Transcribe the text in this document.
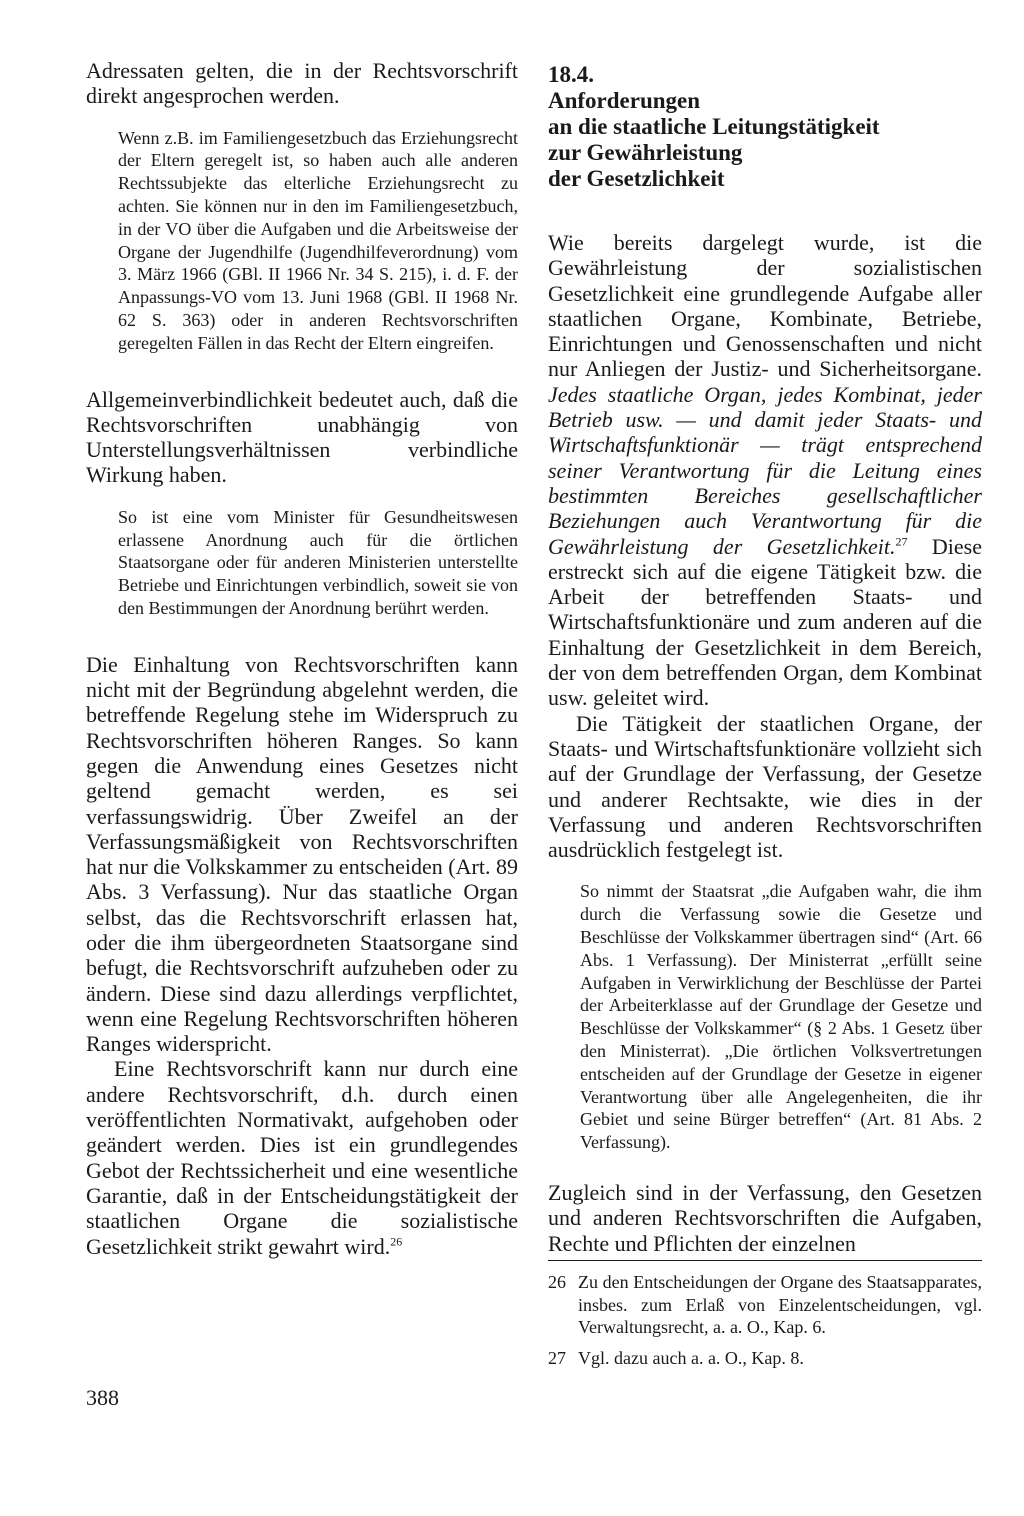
Adressaten gelten, die in der Rechtsvorschrift direkt angesprochen werden.

Wenn z.B. im Familiengesetzbuch das Erziehungsrecht der Eltern geregelt ist, so haben auch alle anderen Rechtssubjekte das elterliche Erziehungsrecht zu achten. Sie können nur in den im Familiengesetzbuch, in der VO über die Aufgaben und die Arbeitsweise der Organe der Jugendhilfe (Jugendhilfeverordnung) vom 3. März 1966 (GBl. II 1966 Nr. 34 S. 215), i. d. F. der Anpassungs-VO vom 13. Juni 1968 (GBl. II 1968 Nr. 62 S. 363) oder in anderen Rechtsvorschriften geregelten Fällen in das Recht der Eltern eingreifen.

Allgemeinverbindlichkeit bedeutet auch, daß die Rechtsvorschriften unabhängig von Unterstellungsverhältnissen verbindliche Wirkung haben.

So ist eine vom Minister für Gesundheitswesen erlassene Anordnung auch für die örtlichen Staatsorgane oder für anderen Ministerien unterstellte Betriebe und Einrichtungen verbindlich, soweit sie von den Bestimmungen der Anordnung berührt werden.

Die Einhaltung von Rechtsvorschriften kann nicht mit der Begründung abgelehnt werden, die betreffende Regelung stehe im Widerspruch zu Rechtsvorschriften höheren Ranges. So kann gegen die Anwendung eines Gesetzes nicht geltend gemacht werden, es sei verfassungswidrig. Über Zweifel an der Verfassungsmäßigkeit von Rechtsvorschriften hat nur die Volkskammer zu entscheiden (Art. 89 Abs. 3 Verfassung). Nur das staatliche Organ selbst, das die Rechtsvorschrift erlassen hat, oder die ihm übergeordneten Staatsorgane sind befugt, die Rechtsvorschrift aufzuheben oder zu ändern. Diese sind dazu allerdings verpflichtet, wenn eine Regelung Rechtsvorschriften höheren Ranges widerspricht.

Eine Rechtsvorschrift kann nur durch eine andere Rechtsvorschrift, d.h. durch einen veröffentlichten Normativakt, aufgehoben oder geändert werden. Dies ist ein grundlegendes Gebot der Rechtssicherheit und eine wesentliche Garantie, daß in der Entscheidungstätigkeit der staatlichen Organe die sozialistische Gesetzlichkeit strikt gewahrt wird.$^{26}$

18.4.
Anforderungen
an die staatliche Leitungstätigkeit
zur Gewährleistung
der Gesetzlichkeit

Wie bereits dargelegt wurde, ist die Gewährleistung der sozialistischen Gesetzlichkeit eine grundlegende Aufgabe aller staatlichen Organe, Kombinate, Betriebe, Einrichtungen und Genossenschaften und nicht nur Anliegen der Justiz- und Sicherheitsorgane. Jedes staatliche Organ, jedes Kombinat, jeder Betrieb usw. — und damit jeder Staats- und Wirtschaftsfunktionär — trägt entsprechend seiner Verantwortung für die Leitung eines bestimmten Bereiches gesellschaftlicher Beziehungen auch Verantwortung für die Gewährleistung der Gesetzlichkeit.$^{27}$ Diese erstreckt sich auf die eigene Tätigkeit bzw. die Arbeit der betreffenden Staats- und Wirtschaftsfunktionäre und zum anderen auf die Einhaltung der Gesetzlichkeit in dem Bereich, der von dem betreffenden Organ, dem Kombinat usw. geleitet wird.

Die Tätigkeit der staatlichen Organe, der Staats- und Wirtschaftsfunktionäre vollzieht sich auf der Grundlage der Verfassung, der Gesetze und anderer Rechtsakte, wie dies in der Verfassung und anderen Rechtsvorschriften ausdrücklich festgelegt ist.

So nimmt der Staatsrat „die Aufgaben wahr, die ihm durch die Verfassung sowie die Gesetze und Beschlüsse der Volkskammer übertragen sind“ (Art. 66 Abs. 1 Verfassung). Der Ministerrat „erfüllt seine Aufgaben in Verwirklichung der Beschlüsse der Partei der Arbeiterklasse auf der Grundlage der Gesetze und Beschlüsse der Volkskammer“ (§ 2 Abs. 1 Gesetz über den Ministerrat). „Die örtlichen Volksvertretungen entscheiden auf der Grundlage der Gesetze in eigener Verantwortung über alle Angelegenheiten, die ihr Gebiet und seine Bürger betreffen“ (Art. 81 Abs. 2 Verfassung).

Zugleich sind in der Verfassung, den Gesetzen und anderen Rechtsvorschriften die Aufgaben, Rechte und Pflichten der einzelnen

26 Zu den Entscheidungen der Organe des Staatsapparates, insbes. zum Erlaß von Einzelentscheidungen, vgl. Verwaltungsrecht, a. a. O., Kap. 6.
27 Vgl. dazu auch a. a. O., Kap. 8.
388
